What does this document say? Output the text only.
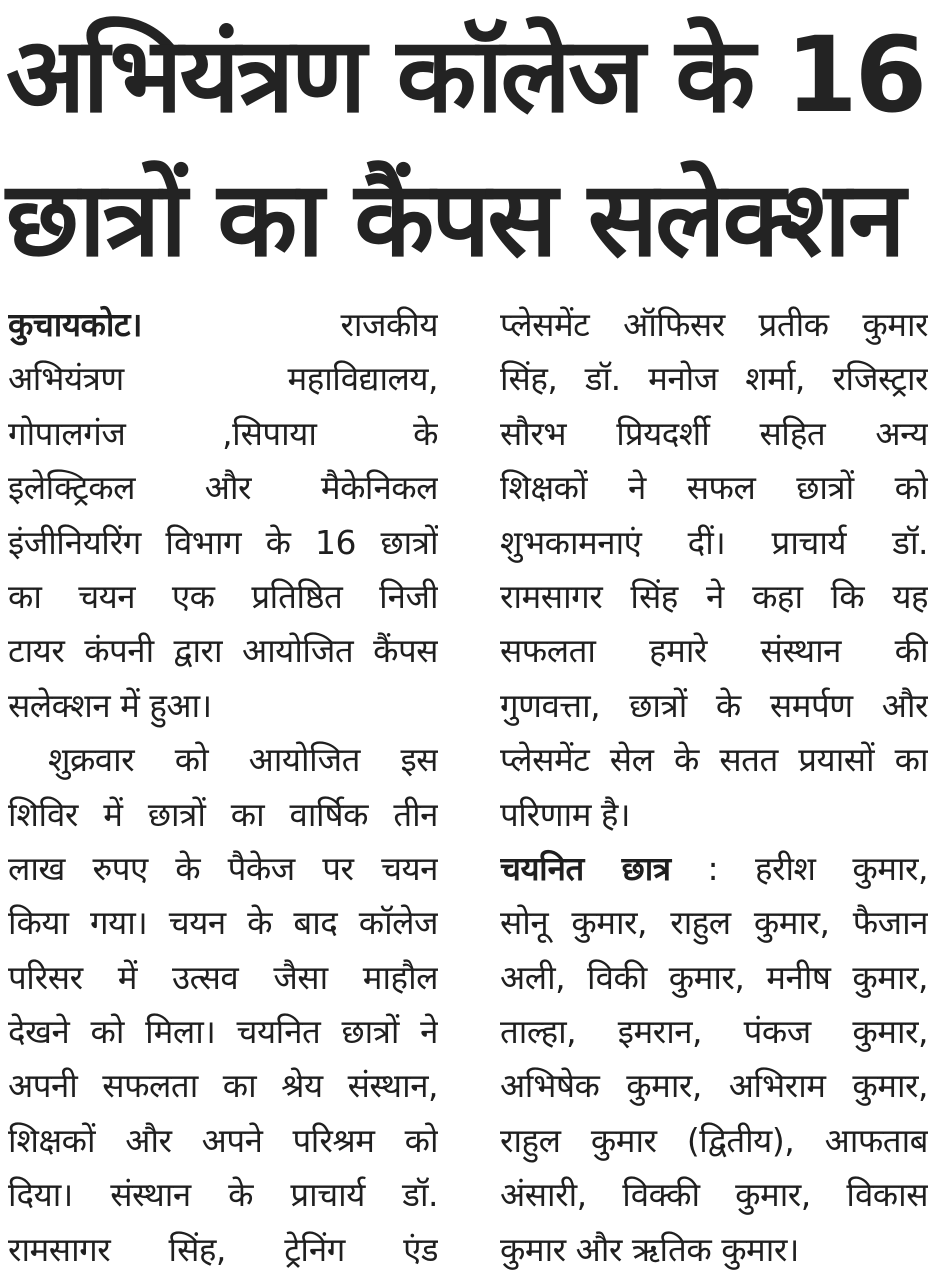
अभियंत्रण कॉलेज के 16
छात्रों का कैंपस सलेक्शन
कुचायकोट।	राजकीय
अभियंत्रण महाविद्यालय,
गोपालगंज ,सिपाया के
इलेक्ट्रिकल और मैकेनिकल
इंजीनियरिंग विभाग के 16 छात्रों
का चयन एक प्रतिष्ठित निजी
टायर कंपनी द्वारा आयोजित कैंपस
सलेक्शन में हुआ।
शुक्रवार को आयोजित इस
शिविर में छात्रों का वार्षिक तीन
लाख रुपए के पैकेज पर चयन
किया गया। चयन के बाद कॉलेज
परिसर में उत्सव जैसा माहौल
देखने को मिला। चयनित छात्रों ने
अपनी सफलता का श्रेय संस्थान,
शिक्षकों और अपने परिश्रम को
दिया। संस्थान के प्राचार्य डॉ.
रामसागर सिंह, ट्रेनिंग एंड
प्लेसमेंट ऑफिसर प्रतीक कुमार
सिंह, डॉ. मनोज शर्मा, रजिस्ट्रार
सौरभ प्रियदर्शी सहित अन्य
शिक्षकों ने सफल छात्रों को
शुभकामनाएं दीं। प्राचार्य डॉ.
रामसागर सिंह ने कहा कि यह
सफलता हमारे संस्थान की
गुणवत्ता, छात्रों के समर्पण और
प्लेसमेंट सेल के सतत प्रयासों का
परिणाम है।
चयनित छात्र : हरीश कुमार,
सोनू कुमार, राहुल कुमार, फैजान
अली, विकी कुमार, मनीष कुमार,
ताल्हा, इमरान, पंकज कुमार,
अभिषेक कुमार, अभिराम कुमार,
राहुल कुमार (द्वितीय), आफताब
अंसारी, विक्की कुमार, विकास
कुमार और ऋतिक कुमार।
